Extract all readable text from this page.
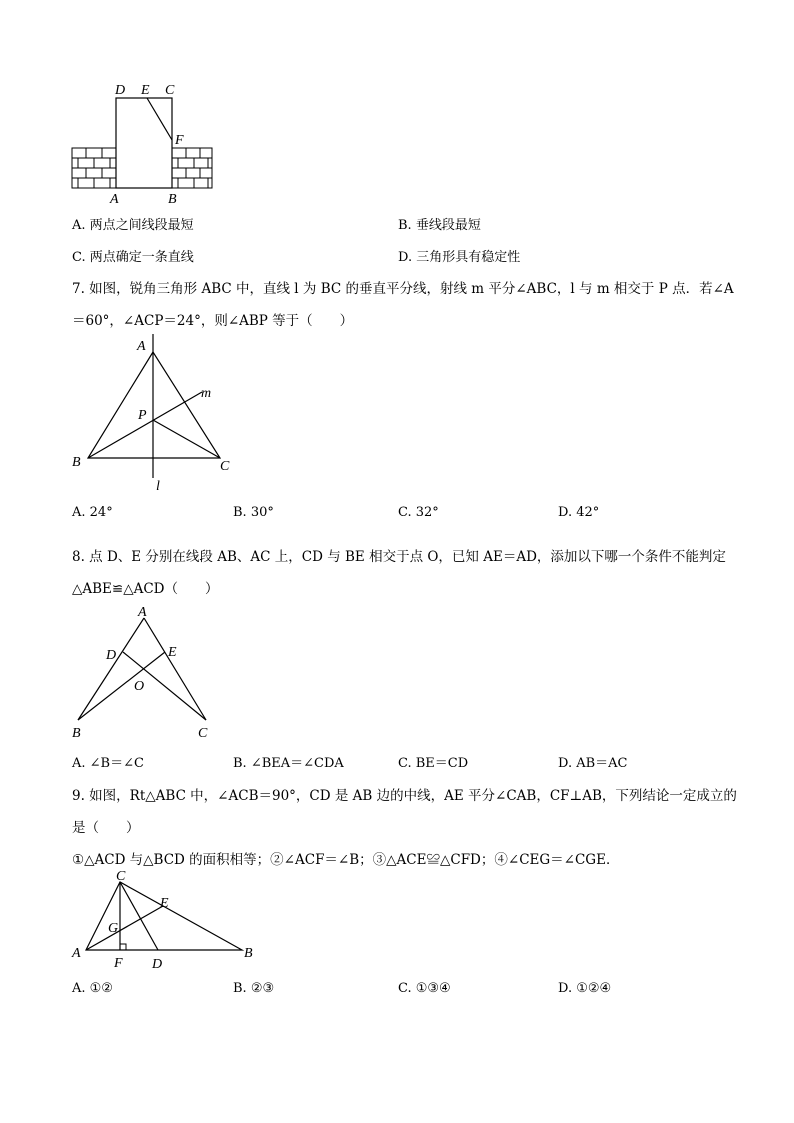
D E C
F
A	B
A. 两点之间线段最短	B. 垂线段最短
C. 两点确定一条直线	D. 三角形具有稳定性
7. 如图，锐角三角形 ABC 中，直线 l 为 BC 的垂直平分线，射线 m 平分∠ABC，l 与 m 相交于 P 点．若∠A
＝60°，∠ACP＝24°，则∠ABP 等于（　　）
A
m
P
B	C
l
A. 24°	B. 30°	C. 32°	D. 42°
8. 点 D、E 分别在线段 AB、AC 上，CD 与 BE 相交于点 O，已知 AE＝AD，添加以下哪一个条件不能判定
△ABE≌△ACD（　　）
A
D	E
O
B	C
A. ∠B＝∠C	B. ∠BEA＝∠CDA	C. BE＝CD	D. AB＝AC
9. 如图，Rt△ABC 中，∠ACB＝90°，CD 是 AB 边的中线，AE 平分∠CAB，CF⊥AB，下列结论一定成立的
是（　　）
①△ACD 与△BCD 的面积相等；②∠ACF＝∠B；③△ACE≌△CFD；④∠CEG＝∠CGE．
C
E
G
A
F D
B
A. ①②	B. ②③	C. ①③④	D. ①②④
